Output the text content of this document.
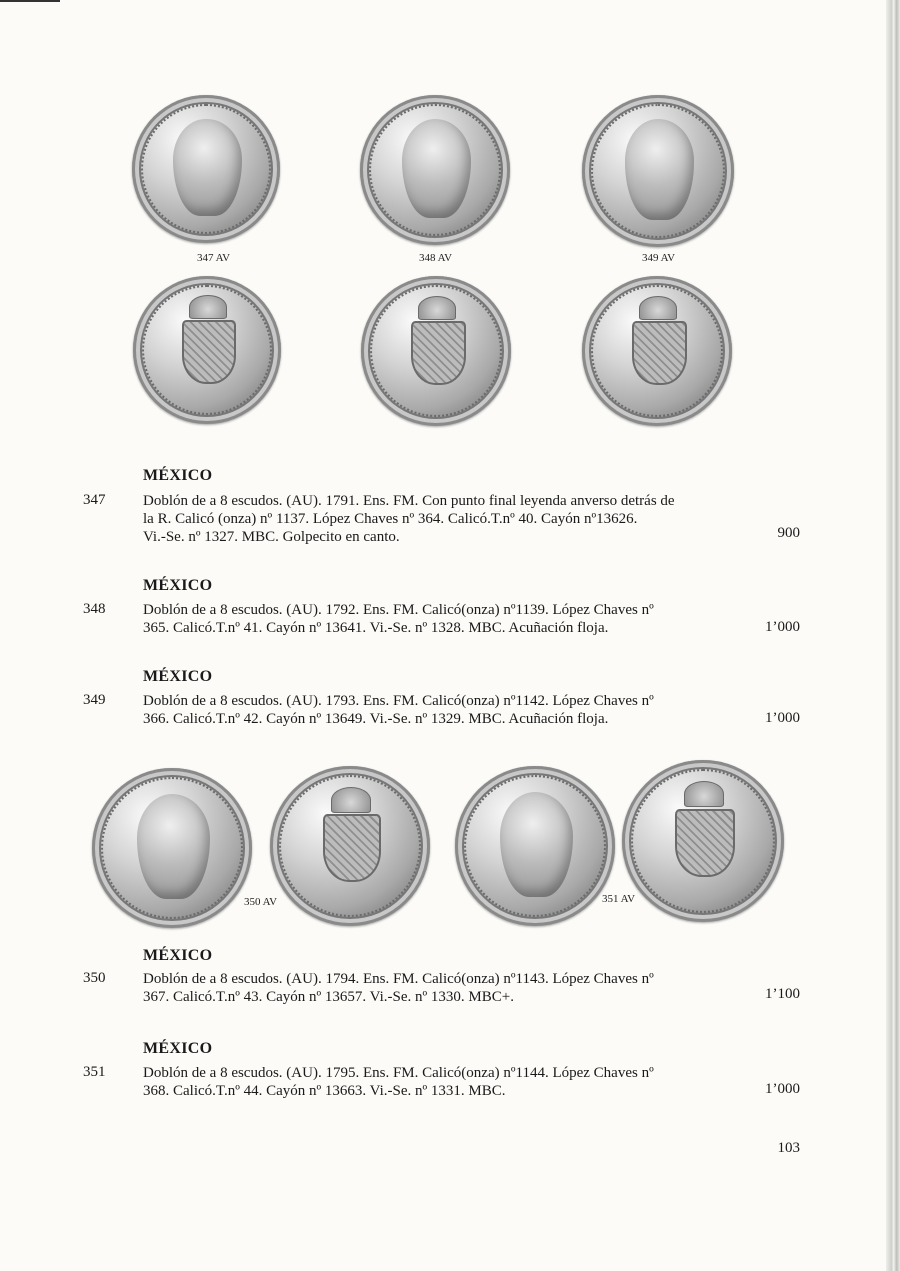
347 AV	348 AV	349 AV
MÉXICO
347	Doblón de a 8 escudos. (AU). 1791. Ens. FM. Con punto final leyenda anverso detrás de
la R. Calicó (onza) nº 1137. López Chaves nº 364. Calicó.T.nº 40. Cayón nº13626.
Vi.-Se. nº 1327. MBC. Golpecito en canto.	900
MÉXICO
348	Doblón de a 8 escudos. (AU). 1792. Ens. FM. Calicó(onza) nº1139. López Chaves nº
365. Calicó.T.nº 41. Cayón nº 13641. Vi.-Se. nº 1328. MBC. Acuñación floja.	1’000
MÉXICO
349	Doblón de a 8 escudos. (AU). 1793. Ens. FM. Calicó(onza) nº1142. López Chaves nº
366. Calicó.T.nº 42. Cayón nº 13649. Vi.-Se. nº 1329. MBC. Acuñación floja.	1’000
350 AV	351 AV
MÉXICO
350	Doblón de a 8 escudos. (AU). 1794. Ens. FM. Calicó(onza) nº1143. López Chaves nº
367. Calicó.T.nº 43. Cayón nº 13657. Vi.-Se. nº 1330. MBC+.	1’100
MÉXICO
351	Doblón de a 8 escudos. (AU). 1795. Ens. FM. Calicó(onza) nº1144. López Chaves nº
368. Calicó.T.nº 44. Cayón nº 13663. Vi.-Se. nº 1331. MBC.	1’000
103
